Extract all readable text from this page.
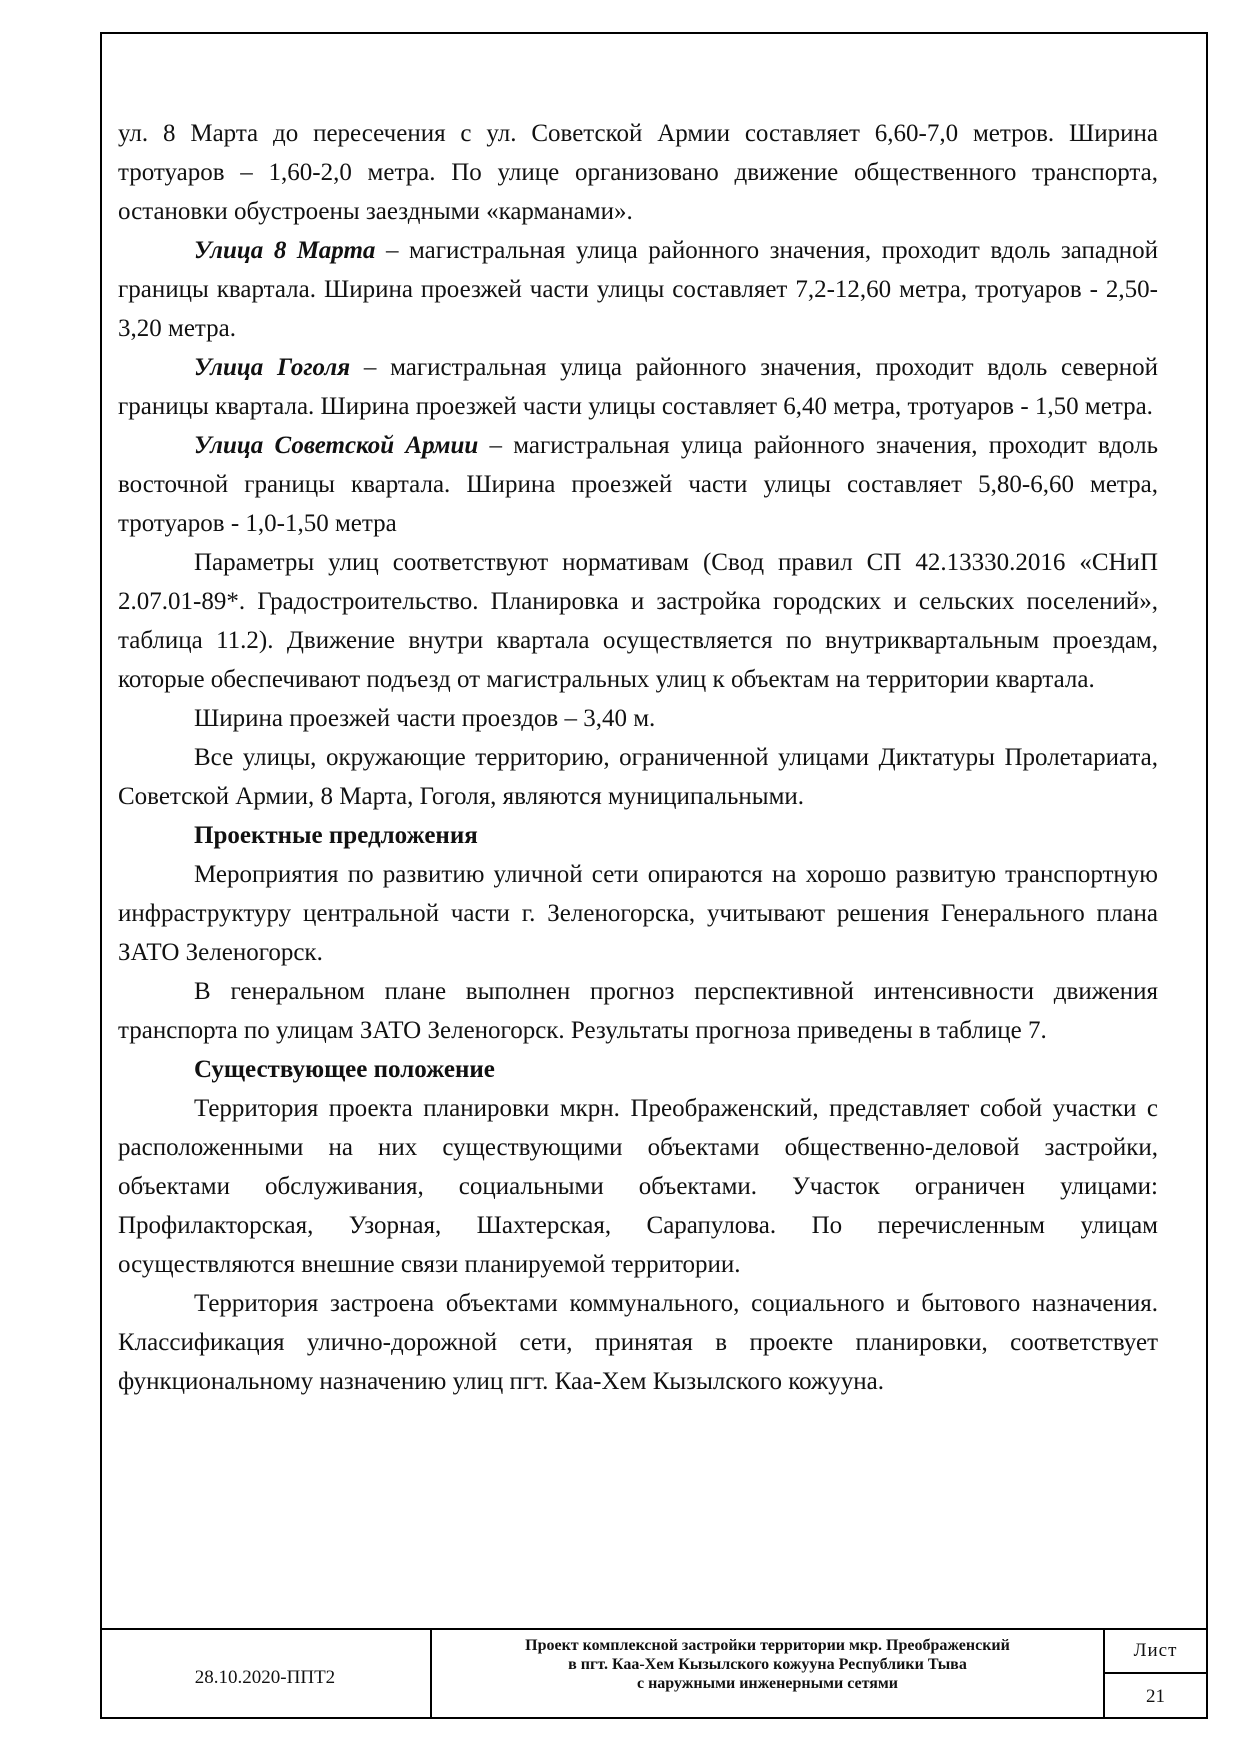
ул. 8 Марта до пересечения с ул. Советской Армии составляет 6,60-7,0 метров. Ширина тротуаров – 1,60-2,0 метра. По улице организовано движение общественного транспорта, остановки обустроены заездными «карманами».

Улица 8 Марта – магистральная улица районного значения, проходит вдоль западной границы квартала. Ширина проезжей части улицы составляет 7,2-12,60 метра, тротуаров - 2,50-3,20 метра.

Улица Гоголя – магистральная улица районного значения, проходит вдоль северной границы квартала. Ширина проезжей части улицы составляет 6,40 метра, тротуаров - 1,50 метра.

Улица Советской Армии – магистральная улица районного значения, проходит вдоль восточной границы квартала. Ширина проезжей части улицы составляет 5,80-6,60 метра, тротуаров - 1,0-1,50 метра

Параметры улиц соответствуют нормативам (Свод правил СП 42.13330.2016 «СНиП 2.07.01-89*. Градостроительство. Планировка и застройка городских и сельских поселений», таблица 11.2). Движение внутри квартала осуществляется по внутриквартальным проездам, которые обеспечивают подъезд от магистральных улиц к объектам на территории квартала.

Ширина проезжей части проездов – 3,40 м.

Все улицы, окружающие территорию, ограниченной улицами Диктатуры Пролетариата, Советской Армии, 8 Марта, Гоголя, являются муниципальными.

Проектные предложения

Мероприятия по развитию уличной сети опираются на хорошо развитую транспортную инфраструктуру центральной части г. Зеленогорска, учитывают решения Генерального плана ЗАТО Зеленогорск.

В генеральном плане выполнен прогноз перспективной интенсивности движения транспорта по улицам ЗАТО Зеленогорск. Результаты прогноза приведены в таблице 7.

Существующее положение

Территория проекта планировки мкрн. Преображенский, представляет собой участки с расположенными на них существующими объектами общественно-деловой застройки, объектами обслуживания, социальными объектами. Участок ограничен улицами: Профилакторская, Узорная, Шахтерская, Сарапулова. По перечисленным улицам осуществляются внешние связи планируемой территории.

Территория застроена объектами коммунального, социального и бытового назначения. Классификация улично-дорожной сети, принятая в проекте планировки, соответствует функциональному назначению улиц пгт. Каа-Хем Кызылского кожууна.

28.10.2020-ППТ2
Проект комплексной застройки территории мкр. Преображенский
в пгт. Каа-Хем Кызылского кожууна Республики Тыва
с наружными инженерными сетями
Лист
21
